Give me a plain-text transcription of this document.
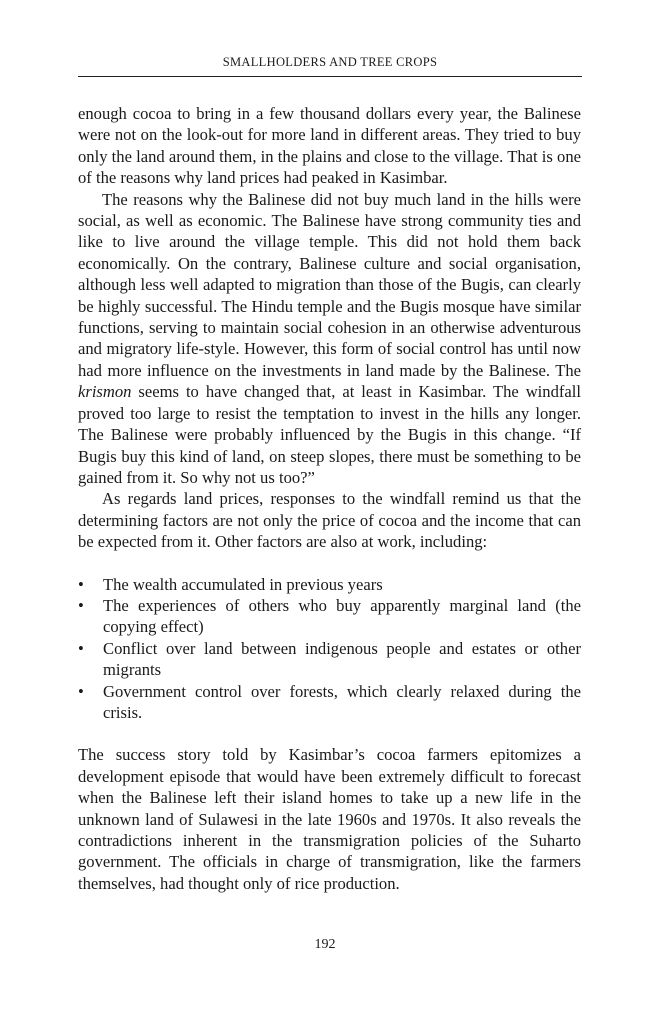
SMALLHOLDERS AND TREE CROPS

enough cocoa to bring in a few thousand dollars every year, the Balinese were not on the look-out for more land in different areas. They tried to buy only the land around them, in the plains and close to the village. That is one of the reasons why land prices had peaked in Kasimbar.

The reasons why the Balinese did not buy much land in the hills were social, as well as economic. The Balinese have strong community ties and like to live around the village temple. This did not hold them back economically. On the contrary, Balinese culture and social organisation, although less well adapted to migration than those of the Bugis, can clearly be highly successful. The Hindu temple and the Bugis mosque have similar functions, serving to maintain social cohesion in an otherwise adventurous and migratory life-style. However, this form of social control has until now had more influence on the investments in land made by the Balinese. The krismon seems to have changed that, at least in Kasimbar. The windfall proved too large to resist the temptation to invest in the hills any longer. The Balinese were probably influenced by the Bugis in this change. “If Bugis buy this kind of land, on steep slopes, there must be something to be gained from it. So why not us too?”

As regards land prices, responses to the windfall remind us that the determining factors are not only the price of cocoa and the income that can be expected from it. Other factors are also at work, including:

• The wealth accumulated in previous years
• The experiences of others who buy apparently marginal land (the copying effect)
• Conflict over land between indigenous people and estates or other migrants
• Government control over forests, which clearly relaxed during the crisis.

The success story told by Kasimbar’s cocoa farmers epitomizes a development episode that would have been extremely difficult to forecast when the Balinese left their island homes to take up a new life in the unknown land of Sulawesi in the late 1960s and 1970s. It also reveals the contradictions inherent in the transmigration policies of the Suharto government. The officials in charge of transmigration, like the farmers themselves, had thought only of rice production.

192
